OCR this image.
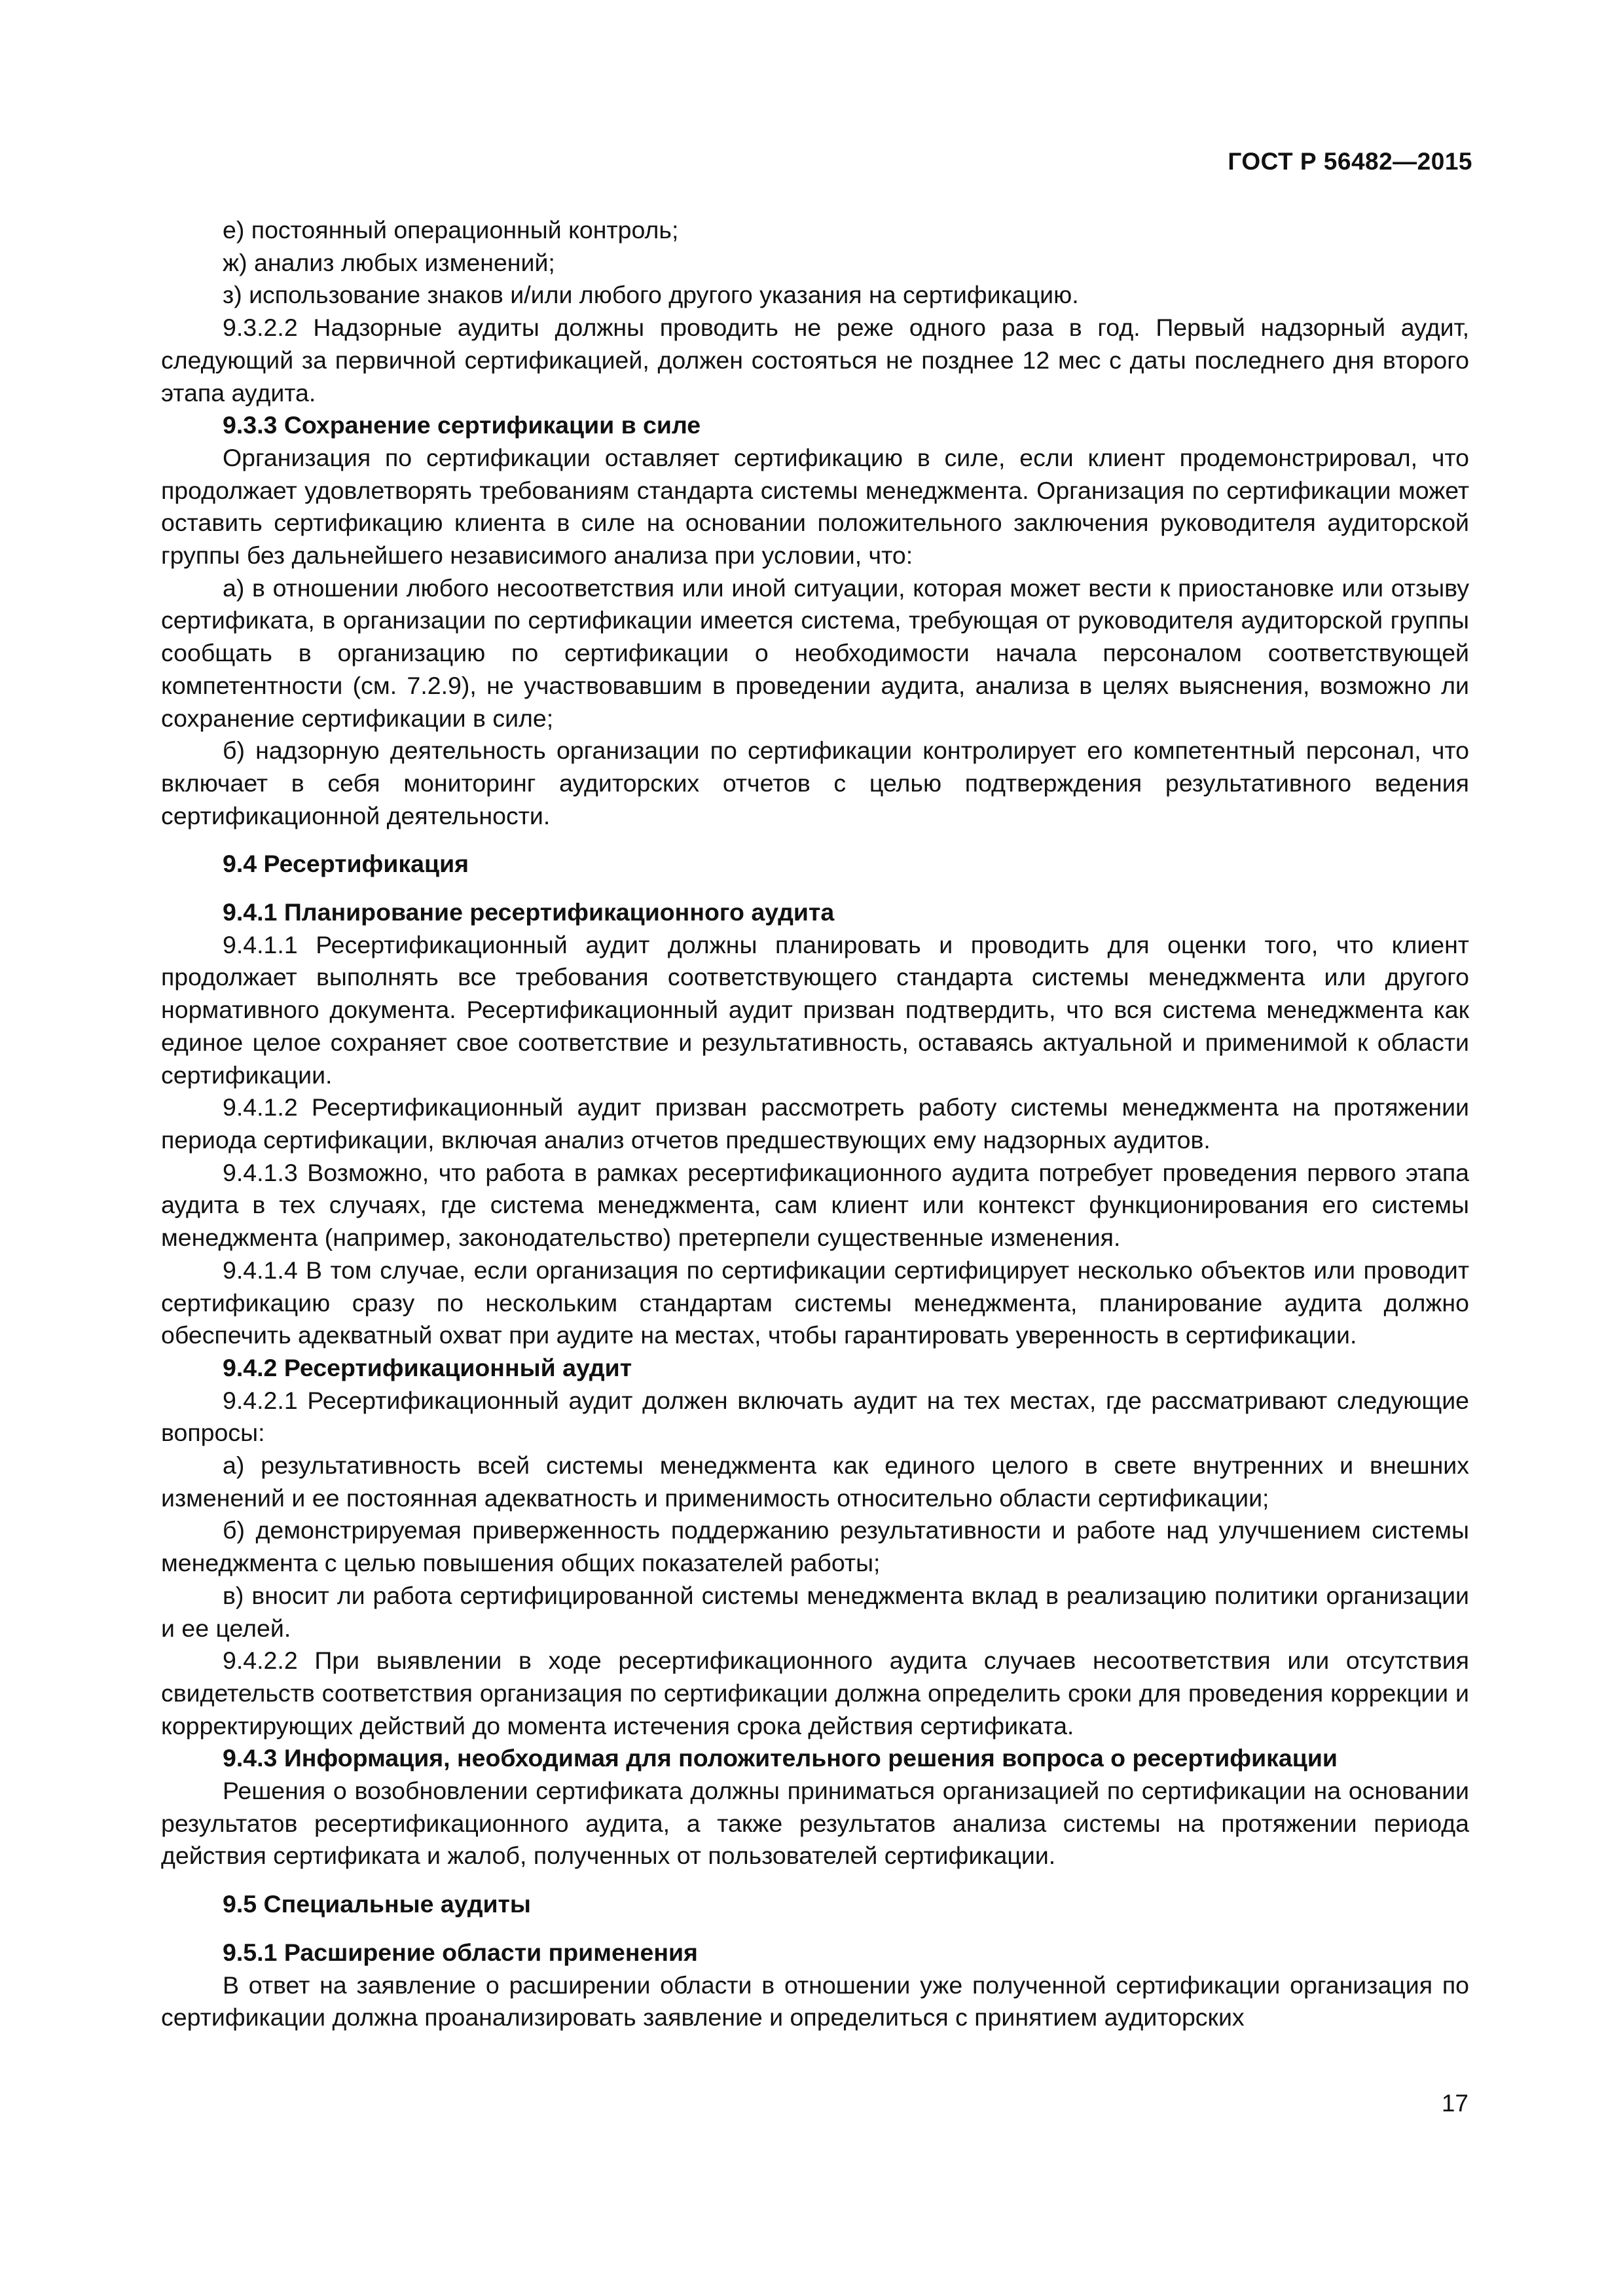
ГОСТ Р 56482—2015

е) постоянный операционный контроль;

ж) анализ любых изменений;

з) использование знаков и/или любого другого указания на сертификацию.

9.3.2.2 Надзорные аудиты должны проводить не реже одного раза в год. Первый надзорный аудит, следующий за первичной сертификацией, должен состояться не позднее 12 мес с даты последнего дня второго этапа аудита.

9.3.3 Сохранение сертификации в силе

Организация по сертификации оставляет сертификацию в силе, если клиент продемонстрировал, что продолжает удовлетворять требованиям стандарта системы менеджмента. Организация по сертификации может оставить сертификацию клиента в силе на основании положительного заключения руководителя аудиторской группы без дальнейшего независимого анализа при условии, что:

а) в отношении любого несоответствия или иной ситуации, которая может вести к приостановке или отзыву сертификата, в организации по сертификации имеется система, требующая от руководителя аудиторской группы сообщать в организацию по сертификации о необходимости начала персоналом соответствующей компетентности (см. 7.2.9), не участвовавшим в проведении аудита, анализа в целях выяснения, возможно ли сохранение сертификации в силе;

б) надзорную деятельность организации по сертификации контролирует его компетентный персонал, что включает в себя мониторинг аудиторских отчетов с целью подтверждения результативного ведения сертификационной деятельности.

9.4 Ресертификация

9.4.1 Планирование ресертификационного аудита

9.4.1.1 Ресертификационный аудит должны планировать и проводить для оценки того, что клиент продолжает выполнять все требования соответствующего стандарта системы менеджмента или другого нормативного документа. Ресертификационный аудит призван подтвердить, что вся система менеджмента как единое целое сохраняет свое соответствие и результативность, оставаясь актуальной и применимой к области сертификации.

9.4.1.2 Ресертификационный аудит призван рассмотреть работу системы менеджмента на протяжении периода сертификации, включая анализ отчетов предшествующих ему надзорных аудитов.

9.4.1.3 Возможно, что работа в рамках ресертификационного аудита потребует проведения первого этапа аудита в тех случаях, где система менеджмента, сам клиент или контекст функционирования его системы менеджмента (например, законодательство) претерпели существенные изменения.

9.4.1.4 В том случае, если организация по сертификации сертифицирует несколько объектов или проводит сертификацию сразу по нескольким стандартам системы менеджмента, планирование аудита должно обеспечить адекватный охват при аудите на местах, чтобы гарантировать уверенность в сертификации.

9.4.2 Ресертификационный аудит

9.4.2.1 Ресертификационный аудит должен включать аудит на тех местах, где рассматривают следующие вопросы:

а) результативность всей системы менеджмента как единого целого в свете внутренних и внешних изменений и ее постоянная адекватность и применимость относительно области сертификации;

б) демонстрируемая приверженность поддержанию результативности и работе над улучшением системы менеджмента с целью повышения общих показателей работы;

в) вносит ли работа сертифицированной системы менеджмента вклад в реализацию политики организации и ее целей.

9.4.2.2 При выявлении в ходе ресертификационного аудита случаев несоответствия или отсутствия свидетельств соответствия организация по сертификации должна определить сроки для проведения коррекции и корректирующих действий до момента истечения срока действия сертификата.

9.4.3 Информация, необходимая для положительного решения вопроса о ресертификации

Решения о возобновлении сертификата должны приниматься организацией по сертификации на основании результатов ресертификационного аудита, а также результатов анализа системы на протяжении периода действия сертификата и жалоб, полученных от пользователей сертификации.

9.5 Специальные аудиты

9.5.1 Расширение области применения

В ответ на заявление о расширении области в отношении уже полученной сертификации организация по сертификации должна проанализировать заявление и определиться с принятием аудиторских

17
